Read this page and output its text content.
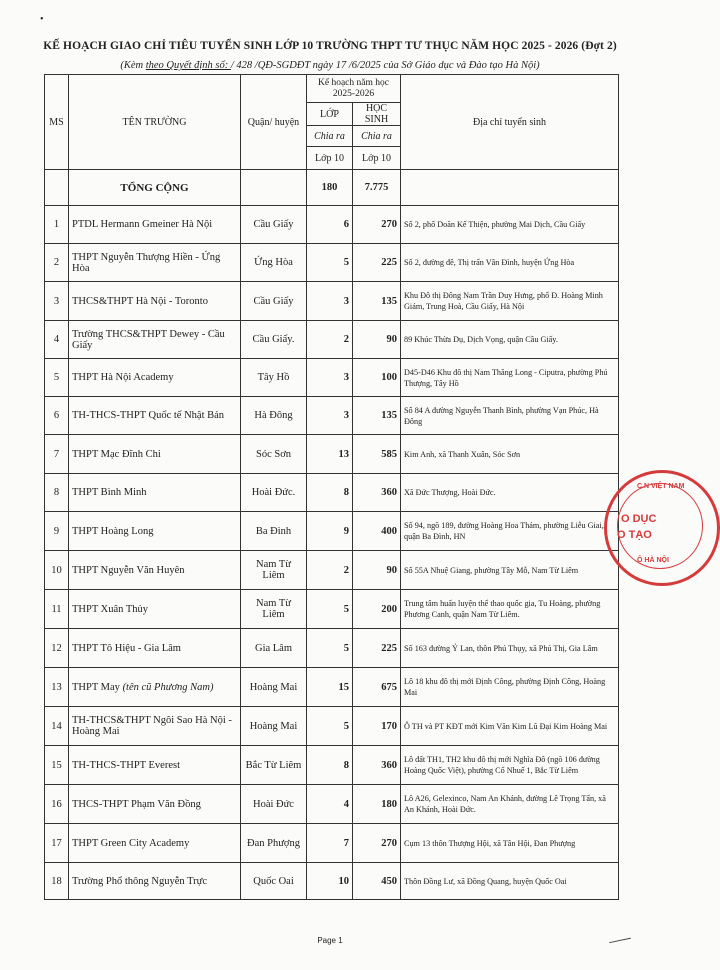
•
KẾ HOẠCH GIAO CHỈ TIÊU TUYỂN SINH LỚP 10 TRƯỜNG THPT TƯ THỤC NĂM HỌC 2025 - 2026 (Đợt 2)
(Kèm theo Quyết định số: / 428 /QĐ-SGDĐT ngày 17 /6/2025 của Sở Giáo dục và Đào tạo Hà Nội)
MS	TÊN TRƯỜNG	Quận/ huyện	Kế hoạch năm học 2025-2026		Địa chỉ tuyển sinh
			LỚP	HỌC SINH	
			Chia ra	Chia ra	
			Lớp 10	Lớp 10	
	TỔNG CỘNG		180	7.775	
1	PTDL Hermann Gmeiner Hà Nội	Cầu Giấy	6	270	Số 2, phố Doãn Kế Thiện, phường Mai Dịch, Cầu Giấy
2	THPT Nguyễn Thượng Hiền - Ứng Hòa	Ứng Hòa	5	225	Số 2, đường đê, Thị trấn Vân Đình, huyện Ứng Hòa
3	THCS&THPT Hà Nội - Toronto	Cầu Giấy	3	135	Khu Đô thị Đông Nam Trần Duy Hưng, phố Đ. Hoàng Minh Giám, Trung Hoà, Cầu Giấy, Hà Nội
4	Trường THCS&THPT Dewey - Cầu Giấy	Cầu Giấy.	2	90	89 Khúc Thừa Dụ, Dịch Vọng, quận Cầu Giấy.
5	THPT Hà Nội Academy	Tây Hồ	3	100	D45-D46 Khu đô thị Nam Thăng Long - Ciputra, phường Phú Thượng, Tây Hồ
6	TH-THCS-THPT Quốc tế Nhật Bản	Hà Đông	3	135	Số 84 A đường Nguyễn Thanh Bình, phường Vạn Phúc, Hà Đông
7	THPT Mạc Đĩnh Chi	Sóc Sơn	13	585	Kim Anh, xã Thanh Xuân, Sóc Sơn
8	THPT Bình Minh	Hoài Đức.	8	360	Xã Đức Thượng, Hoài Đức.
9	THPT Hoàng Long	Ba Đình	9	400	Số 94, ngõ 189, đường Hoàng Hoa Thám, phường Liễu Giai, quận Ba Đình, HN
10	THPT Nguyễn Văn Huyên	Nam Từ Liêm	2	90	Số 55A Nhuệ Giang, phường Tây Mỗ, Nam Từ Liêm
11	THPT Xuân Thủy	Nam Từ Liêm	5	200	Trung tâm huấn luyện thể thao quốc gia, Tu Hoàng, phường Phương Canh, quận Nam Từ Liêm.
12	THPT Tô Hiệu - Gia Lâm	Gia Lâm	5	225	Số 163 đường Ỷ Lan, thôn Phú Thụy, xã Phú Thị, Gia Lâm
13	THPT May (tên cũ Phương Nam)	Hoàng Mai	15	675	Lô 18 khu đô thị mới Định Công, phường Định Công, Hoàng Mai
14	TH-THCS&THPT Ngôi Sao Hà Nội - Hoàng Mai	Hoàng Mai	5	170	Ô TH và PT KĐT mới Kim Văn Kim Lũ Đại Kim Hoàng Mai
15	TH-THCS-THPT Everest	Bắc Từ Liêm	8	360	Lô đất TH1, TH2 khu đô thị mới Nghĩa Đô (ngõ 106 đường Hoàng Quốc Việt), phường Cổ Nhuế 1, Bắc Từ Liêm
16	THCS-THPT Phạm Văn Đồng	Hoài Đức	4	180	Lô A26, Gelexinco, Nam An Khánh, đường Lê Trọng Tấn, xã An Khánh, Hoài Đức.
17	THPT Green City Academy	Đan Phượng	7	270	Cụm 13 thôn Thượng Hội, xã Tân Hội, Đan Phượng
18	Trường Phổ thông Nguyễn Trực	Quốc Oai	10	450	Thôn Đồng Lư, xã Đồng Quang, huyện Quốc Oai
C.N VIỆT NAM
O DỤC
O TẠO
Ô HÀ NỘI
Page 1
